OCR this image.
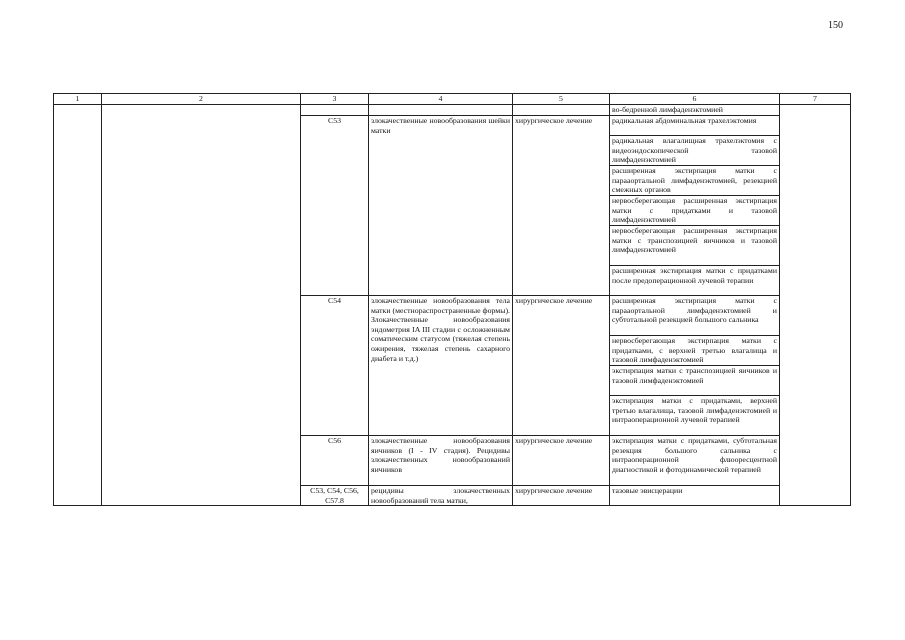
150
1	2	3	4	5	6	7
					во-бедренной лимфаденэктомией	
		C53	злокачественные новообразования шейки матки	хирургическое лечение	радикальная абдоминальная трахелэктомия	
					радикальная влагалищная трахелэктомия с видеоэндоскопической тазовой лимфаденэктомией	
					расширенная экстирпация матки с парааортальной лимфаденэктомией, резекцией смежных органов	
					нервосберегающая расширенная экстирпация матки с придатками и тазовой лимфаденэктомией	
					нервосберегающая расширенная экстирпация матки с транспозицией яичников и тазовой лимфаденэктомией	
					расширенная экстирпация матки с придатками после предоперационной лучевой терапии	
		C54	злокачественные новообразования тела матки (местнораспространенные формы). Злокачественные новообразования эндометрия IA III стадии с осложненным соматическим статусом (тяжелая степень ожирения, тяжелая степень сахарного диабета и т.д.)	хирургическое лечение	расширенная экстирпация матки с парааортальной лимфаденэктомией и субтотальной резекцией большого сальника	
					нервосберегающая экстирпация матки с придатками, с верхней третью влагалища и тазовой лимфаденэктомией	
					экстирпация матки с транспозицией яичников и тазовой лимфаденэктомией	
					экстирпация матки с придатками, верхней третью влагалища, тазовой лимфаденэктомией и интраоперационной лучевой терапией	
		C56	злокачественные новообразования яичников (I - IV стадия). Рецидивы злокачественных новообразований яичников	хирургическое лечение	экстирпация матки с придатками, субтотальная резекция большого сальника с интраоперационной флюоресцентной диагностикой и фотодинамической терапией	
		C53, C54, C56, C57.8	рецидивы злокачественных новообразований тела матки,	хирургическое лечение	тазовые эвисцерации	
